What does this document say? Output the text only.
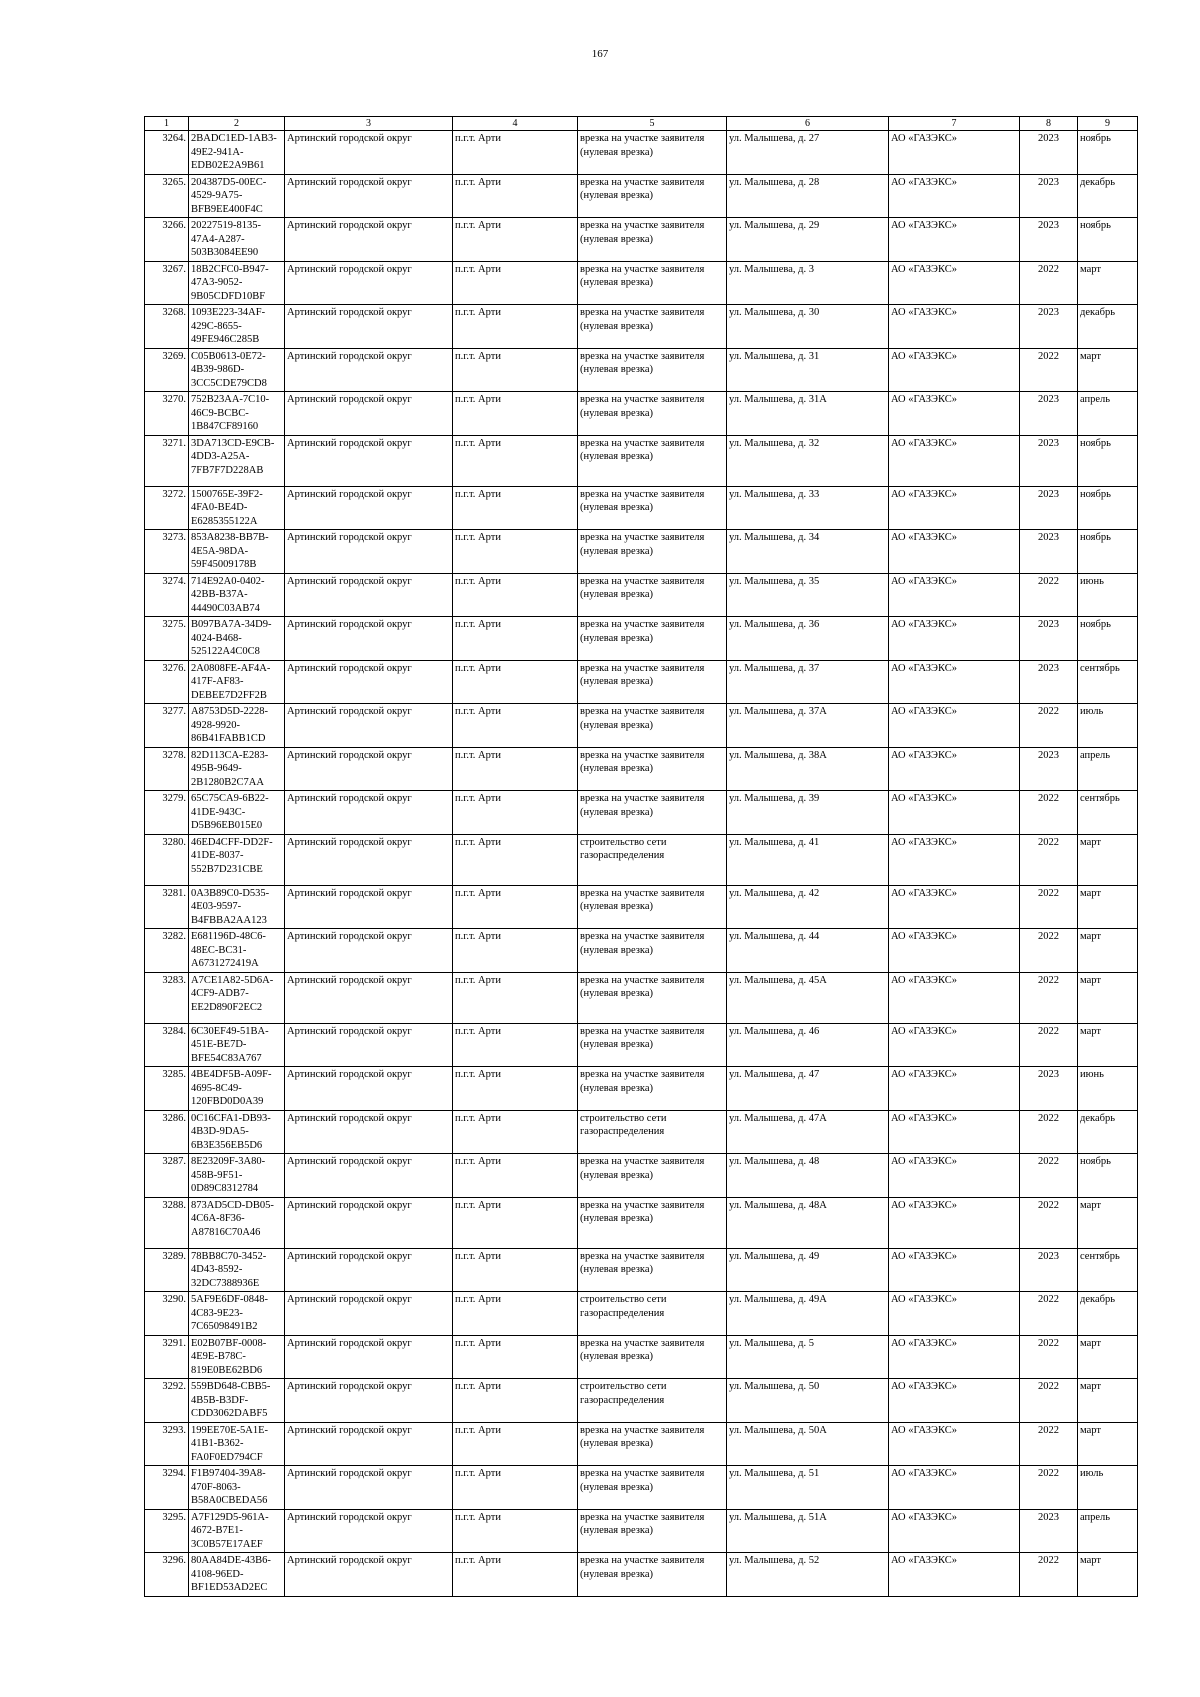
167
1	2	3	4	5	6	7	8	9
3264.	2BADC1ED-1AB3-
49E2-941A-
EDB02E2A9B61	Артинский городской округ	п.г.т. Арти	врезка на участке заявителя (нулевая врезка)	ул. Малышева, д. 27	АО «ГАЗЭКС»	2023	ноябрь
3265.	204387D5-00EC-
4529-9A75-
BFB9EE400F4C	Артинский городской округ	п.г.т. Арти	врезка на участке заявителя (нулевая врезка)	ул. Малышева, д. 28	АО «ГАЗЭКС»	2023	декабрь
3266.	20227519-8135-
47A4-A287-
503B3084EE90	Артинский городской округ	п.г.т. Арти	врезка на участке заявителя (нулевая врезка)	ул. Малышева, д. 29	АО «ГАЗЭКС»	2023	ноябрь
3267.	18B2CFC0-B947-
47A3-9052-
9B05CDFD10BF	Артинский городской округ	п.г.т. Арти	врезка на участке заявителя (нулевая врезка)	ул. Малышева, д. 3	АО «ГАЗЭКС»	2022	март
3268.	1093E223-34AF-
429C-8655-
49FE946C285B	Артинский городской округ	п.г.т. Арти	врезка на участке заявителя (нулевая врезка)	ул. Малышева, д. 30	АО «ГАЗЭКС»	2023	декабрь
3269.	C05B0613-0E72-
4B39-986D-
3CC5CDE79CD8	Артинский городской округ	п.г.т. Арти	врезка на участке заявителя (нулевая врезка)	ул. Малышева, д. 31	АО «ГАЗЭКС»	2022	март
3270.	752B23AA-7C10-
46C9-BCBC-
1B847CF89160	Артинский городской округ	п.г.т. Арти	врезка на участке заявителя (нулевая врезка)	ул. Малышева, д. 31А	АО «ГАЗЭКС»	2023	апрель
3271.	3DA713CD-E9CB-
4DD3-A25A-
7FB7F7D228AB	Артинский городской округ	п.г.т. Арти	врезка на участке заявителя (нулевая врезка)	ул. Малышева, д. 32	АО «ГАЗЭКС»	2023	ноябрь
3272.	1500765E-39F2-
4FA0-BE4D-
E6285355122A	Артинский городской округ	п.г.т. Арти	врезка на участке заявителя (нулевая врезка)	ул. Малышева, д. 33	АО «ГАЗЭКС»	2023	ноябрь
3273.	853A8238-BB7B-
4E5A-98DA-
59F45009178B	Артинский городской округ	п.г.т. Арти	врезка на участке заявителя (нулевая врезка)	ул. Малышева, д. 34	АО «ГАЗЭКС»	2023	ноябрь
3274.	714E92A0-0402-
42BB-B37A-
44490C03AB74	Артинский городской округ	п.г.т. Арти	врезка на участке заявителя (нулевая врезка)	ул. Малышева, д. 35	АО «ГАЗЭКС»	2022	июнь
3275.	B097BA7A-34D9-
4024-B468-
525122A4C0C8	Артинский городской округ	п.г.т. Арти	врезка на участке заявителя (нулевая врезка)	ул. Малышева, д. 36	АО «ГАЗЭКС»	2023	ноябрь
3276.	2A0808FE-AF4A-
417F-AF83-
DEBEE7D2FF2B	Артинский городской округ	п.г.т. Арти	врезка на участке заявителя (нулевая врезка)	ул. Малышева, д. 37	АО «ГАЗЭКС»	2023	сентябрь
3277.	A8753D5D-2228-
4928-9920-
86B41FABB1CD	Артинский городской округ	п.г.т. Арти	врезка на участке заявителя (нулевая врезка)	ул. Малышева, д. 37А	АО «ГАЗЭКС»	2022	июль
3278.	82D113CA-E283-
495B-9649-
2B1280B2C7AA	Артинский городской округ	п.г.т. Арти	врезка на участке заявителя (нулевая врезка)	ул. Малышева, д. 38А	АО «ГАЗЭКС»	2023	апрель
3279.	65C75CA9-6B22-
41DE-943C-
D5B96EB015E0	Артинский городской округ	п.г.т. Арти	врезка на участке заявителя (нулевая врезка)	ул. Малышева, д. 39	АО «ГАЗЭКС»	2022	сентябрь
3280.	46ED4CFF-DD2F-
41DE-8037-
552B7D231CBE	Артинский городской округ	п.г.т. Арти	строительство сети газораспределения	ул. Малышева, д. 41	АО «ГАЗЭКС»	2022	март
3281.	0A3B89C0-D535-
4E03-9597-
B4FBBA2AA123	Артинский городской округ	п.г.т. Арти	врезка на участке заявителя (нулевая врезка)	ул. Малышева, д. 42	АО «ГАЗЭКС»	2022	март
3282.	E681196D-48C6-
48EC-BC31-
A6731272419A	Артинский городской округ	п.г.т. Арти	врезка на участке заявителя (нулевая врезка)	ул. Малышева, д. 44	АО «ГАЗЭКС»	2022	март
3283.	A7CE1A82-5D6A-
4CF9-ADB7-
EE2D890F2EC2	Артинский городской округ	п.г.т. Арти	врезка на участке заявителя (нулевая врезка)	ул. Малышева, д. 45А	АО «ГАЗЭКС»	2022	март
3284.	6C30EF49-51BA-
451E-BE7D-
BFE54C83A767	Артинский городской округ	п.г.т. Арти	врезка на участке заявителя (нулевая врезка)	ул. Малышева, д. 46	АО «ГАЗЭКС»	2022	март
3285.	4BE4DF5B-A09F-
4695-8C49-
120FBD0D0A39	Артинский городской округ	п.г.т. Арти	врезка на участке заявителя (нулевая врезка)	ул. Малышева, д. 47	АО «ГАЗЭКС»	2023	июнь
3286.	0C16CFA1-DB93-
4B3D-9DA5-
6B3E356EB5D6	Артинский городской округ	п.г.т. Арти	строительство сети газораспределения	ул. Малышева, д. 47А	АО «ГАЗЭКС»	2022	декабрь
3287.	8E23209F-3A80-
458B-9F51-
0D89C8312784	Артинский городской округ	п.г.т. Арти	врезка на участке заявителя (нулевая врезка)	ул. Малышева, д. 48	АО «ГАЗЭКС»	2022	ноябрь
3288.	873AD5CD-DB05-
4C6A-8F36-
A87816C70A46	Артинский городской округ	п.г.т. Арти	врезка на участке заявителя (нулевая врезка)	ул. Малышева, д. 48А	АО «ГАЗЭКС»	2022	март
3289.	78BB8C70-3452-
4D43-8592-
32DC7388936E	Артинский городской округ	п.г.т. Арти	врезка на участке заявителя (нулевая врезка)	ул. Малышева, д. 49	АО «ГАЗЭКС»	2023	сентябрь
3290.	5AF9E6DF-0848-
4C83-9E23-
7C65098491B2	Артинский городской округ	п.г.т. Арти	строительство сети газораспределения	ул. Малышева, д. 49А	АО «ГАЗЭКС»	2022	декабрь
3291.	E02B07BF-0008-
4E9E-B78C-
819E0BE62BD6	Артинский городской округ	п.г.т. Арти	врезка на участке заявителя (нулевая врезка)	ул. Малышева, д. 5	АО «ГАЗЭКС»	2022	март
3292.	559BD648-CBB5-
4B5B-B3DF-
CDD3062DABF5	Артинский городской округ	п.г.т. Арти	строительство сети газораспределения	ул. Малышева, д. 50	АО «ГАЗЭКС»	2022	март
3293.	199EE70E-5A1E-
41B1-B362-
FA0F0ED794CF	Артинский городской округ	п.г.т. Арти	врезка на участке заявителя (нулевая врезка)	ул. Малышева, д. 50А	АО «ГАЗЭКС»	2022	март
3294.	F1B97404-39A8-
470F-8063-
B58A0CBEDA56	Артинский городской округ	п.г.т. Арти	врезка на участке заявителя (нулевая врезка)	ул. Малышева, д. 51	АО «ГАЗЭКС»	2022	июль
3295.	A7F129D5-961A-
4672-B7E1-
3C0B57E17AEF	Артинский городской округ	п.г.т. Арти	врезка на участке заявителя (нулевая врезка)	ул. Малышева, д. 51А	АО «ГАЗЭКС»	2023	апрель
3296.	80AA84DE-43B6-
4108-96ED-
BF1ED53AD2EC	Артинский городской округ	п.г.т. Арти	врезка на участке заявителя (нулевая врезка)	ул. Малышева, д. 52	АО «ГАЗЭКС»	2022	март
